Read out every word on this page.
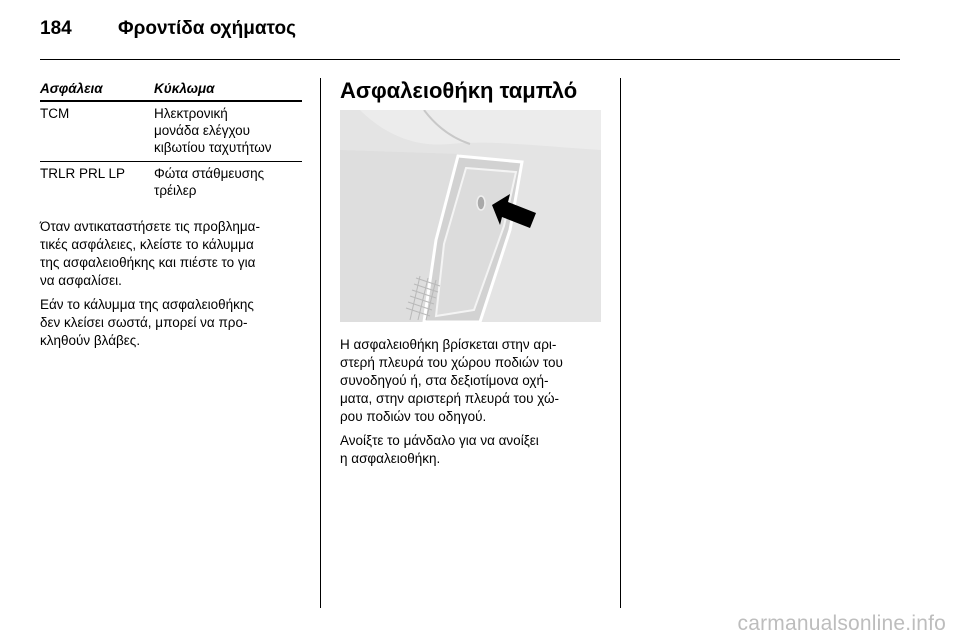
184 Φροντίδα οχήματος
Ασφάλεια	Κύκλωμα
TCM	Ηλεκτρονική
μονάδα ελέγχου
κιβωτίου ταχυτήτων
TRLR PRL LP	Φώτα στάθμευσης
τρέιλερ

Όταν αντικαταστήσετε τις προβλημα-
τικές ασφάλειες, κλείστε το κάλυμμα
της ασφαλειοθήκης και πιέστε το για
να ασφαλίσει.

Εάν το κάλυμμα της ασφαλειοθήκης
δεν κλείσει σωστά, μπορεί να προ-
κληθούν βλάβες.

Ασφαλειοθήκη ταμπλό

Η ασφαλειοθήκη βρίσκεται στην αρι-
στερή πλευρά του χώρου ποδιών του
συνοδηγού ή, στα δεξιοτίμονα οχή-
ματα, στην αριστερή πλευρά του χώ-
ρου ποδιών του οδηγού.

Ανοίξτε το μάνδαλο για να ανοίξει
η ασφαλειοθήκη.

carmanualsonline.info
